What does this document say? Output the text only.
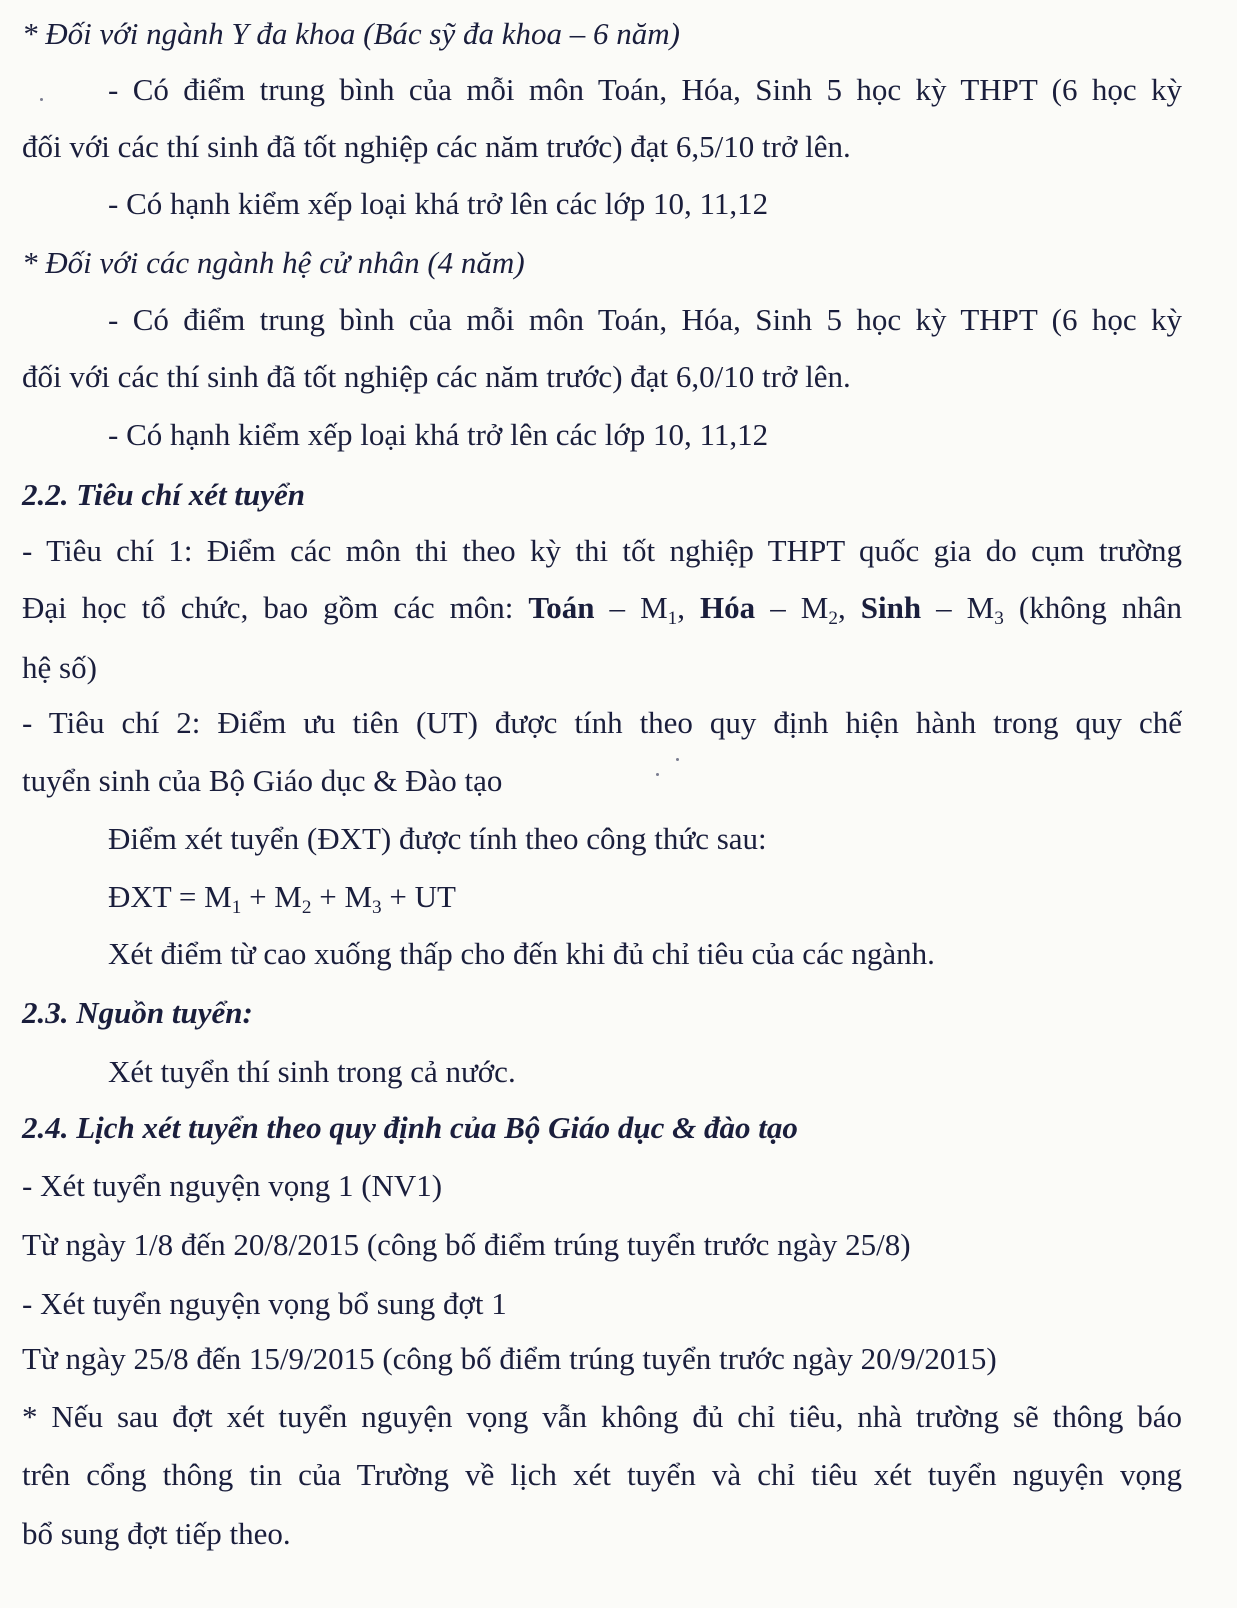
* Đối với ngành Y đa khoa (Bác sỹ đa khoa – 6 năm)
- Có điểm trung bình của mỗi môn Toán, Hóa, Sinh 5 học kỳ THPT (6 học kỳ
đối với các thí sinh đã tốt nghiệp các năm trước) đạt 6,5/10 trở lên.
- Có hạnh kiểm xếp loại khá trở lên các lớp 10, 11,12
* Đối với các ngành hệ cử nhân (4 năm)
- Có điểm trung bình của mỗi môn Toán, Hóa, Sinh 5 học kỳ THPT (6 học kỳ
đối với các thí sinh đã tốt nghiệp các năm trước) đạt 6,0/10 trở lên.
- Có hạnh kiểm xếp loại khá trở lên các lớp 10, 11,12
2.2. Tiêu chí xét tuyển
- Tiêu chí 1: Điểm các môn thi theo kỳ thi tốt nghiệp THPT quốc gia do cụm trường
Đại học tổ chức, bao gồm các môn: Toán – $M_1$, Hóa – $M_2$, Sinh – $M_3$ (không nhân
hệ số)
- Tiêu chí 2: Điểm ưu tiên (UT) được tính theo quy định hiện hành trong quy chế
tuyển sinh của Bộ Giáo dục & Đào tạo
Điểm xét tuyển (ĐXT) được tính theo công thức sau:
ĐXT = $M_1 + M_2 + M_3$ + UT
Xét điểm từ cao xuống thấp cho đến khi đủ chỉ tiêu của các ngành.
2.3. Nguồn tuyển:
Xét tuyển thí sinh trong cả nước.
2.4. Lịch xét tuyển theo quy định của Bộ Giáo dục & đào tạo
- Xét tuyển nguyện vọng 1 (NV1)
Từ ngày 1/8 đến 20/8/2015 (công bố điểm trúng tuyển trước ngày 25/8)
- Xét tuyển nguyện vọng bổ sung đợt 1
Từ ngày 25/8 đến 15/9/2015 (công bố điểm trúng tuyển trước ngày 20/9/2015)
* Nếu sau đợt xét tuyển nguyện vọng vẫn không đủ chỉ tiêu, nhà trường sẽ thông báo
trên cổng thông tin của Trường về lịch xét tuyển và chỉ tiêu xét tuyển nguyện vọng
bổ sung đợt tiếp theo.
